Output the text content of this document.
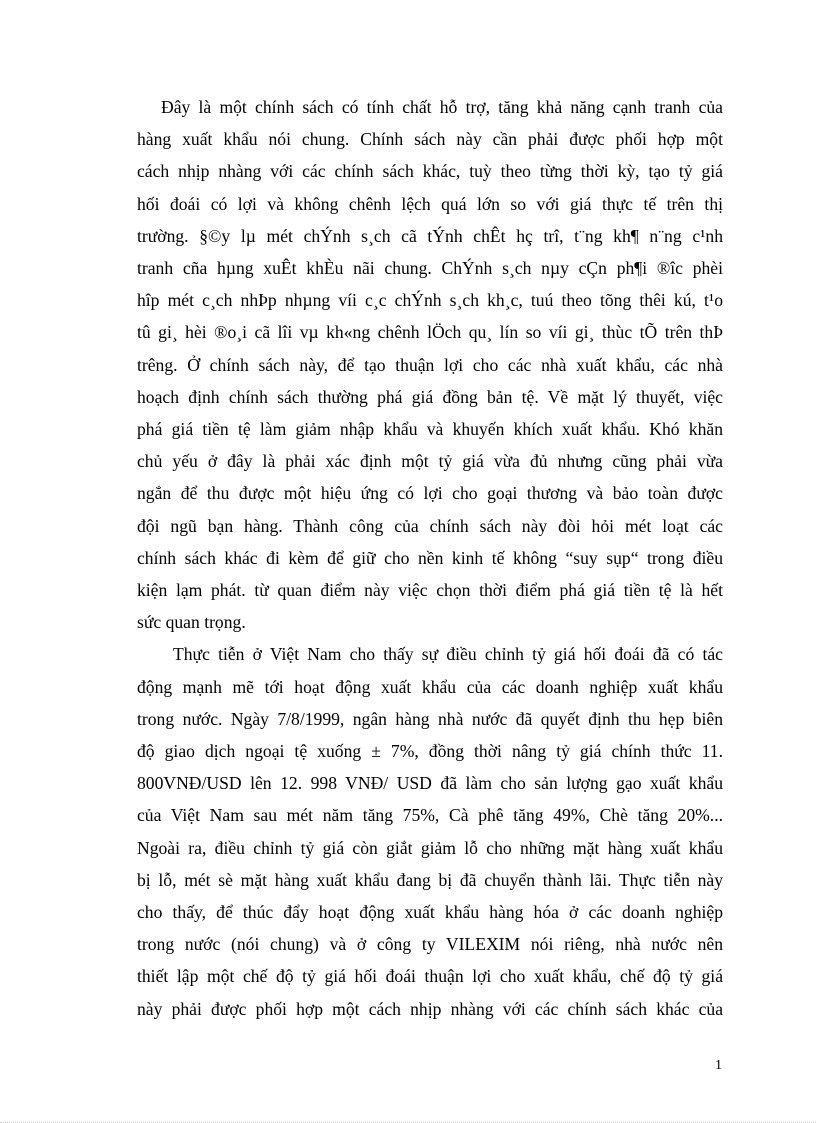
Đây là một chính sách có tính chất hỗ trợ, tăng khả năng cạnh tranh của
hàng xuất khẩu nói chung. Chính sách này cần phải được phối hợp một
cách nhịp nhàng với các chính sách khác, tuỳ theo từng thời kỳ, tạo tỷ giá
hối đoái có lợi và không chênh lệch quá lớn so với giá thực tế trên thị
trường. §©y lµ mét chÝnh s¸ch cã tÝnh chÊt hç trî, t¨ng kh¶ n¨ng c¹nh
tranh cña hµng xuÊt khÈu nãi chung. ChÝnh s¸ch nµy cÇn ph¶i ®îc phèi
hîp mét c¸ch nhÞp nhµng víi c¸c chÝnh s¸ch kh¸c, tuú theo tõng thêi kú, t¹o
tû gi¸ hèi ®o¸i cã lîi vµ kh«ng chênh lÖch qu¸ lín so víi gi¸ thùc tÕ trên thÞ
trêng. Ở chính sách này, để tạo thuận lợi cho các nhà xuất khẩu, các nhà
hoạch định chính sách thường phá giá đồng bản tệ. Về mặt lý thuyết, việc
phá giá tiền tệ làm giảm nhập khẩu và khuyến khích xuất khẩu. Khó khăn
chủ yếu ở đây là phải xác định một tỷ giá vừa đủ nhưng cũng phải vừa
ngắn để thu được một hiệu ứng có lợi cho goại thương và bảo toàn được
đội ngũ bạn hàng. Thành công của chính sách này đòi hỏi mét loạt các
chính sách khác đi kèm để giữ cho nền kinh tế không “suy sụp“ trong điều
kiện lạm phát. từ quan điểm này việc chọn thời điểm phá giá tiền tệ là hết
sức quan trọng.

Thực tiễn ở Việt Nam cho thấy sự điều chỉnh tỷ giá hối đoái đã có tác
động mạnh mẽ tới hoạt động xuất khẩu của các doanh nghiệp xuất khẩu
trong nước. Ngày 7/8/1999, ngân hàng nhà nước đã quyết định thu hẹp biên
độ giao dịch ngoại tệ xuống ± 7%, đồng thời nâng tỷ giá chính thức 11.
800VNĐ/USD lên 12. 998 VNĐ/ USD đã làm cho sản lượng gạo xuất khẩu
của Việt Nam sau mét năm tăng 75%, Cà phê tăng 49%, Chè tăng 20%...
Ngoài ra, điều chỉnh tỷ giá còn giắt giảm lỗ cho những mặt hàng xuất khẩu
bị lỗ, mét sè mặt hàng xuất khẩu đang bị đã chuyển thành lãi. Thực tiễn này
cho thấy, để thúc đẩy hoạt động xuất khẩu hàng hóa ở các doanh nghiệp
trong nước (nói chung) và ở công ty VILEXIM nói riêng, nhà nước nên
thiết lập một chế độ tỷ giá hối đoái thuận lợi cho xuất khẩu, chế độ tỷ giá
này phải được phối hợp một cách nhịp nhàng với các chính sách khác của

1
